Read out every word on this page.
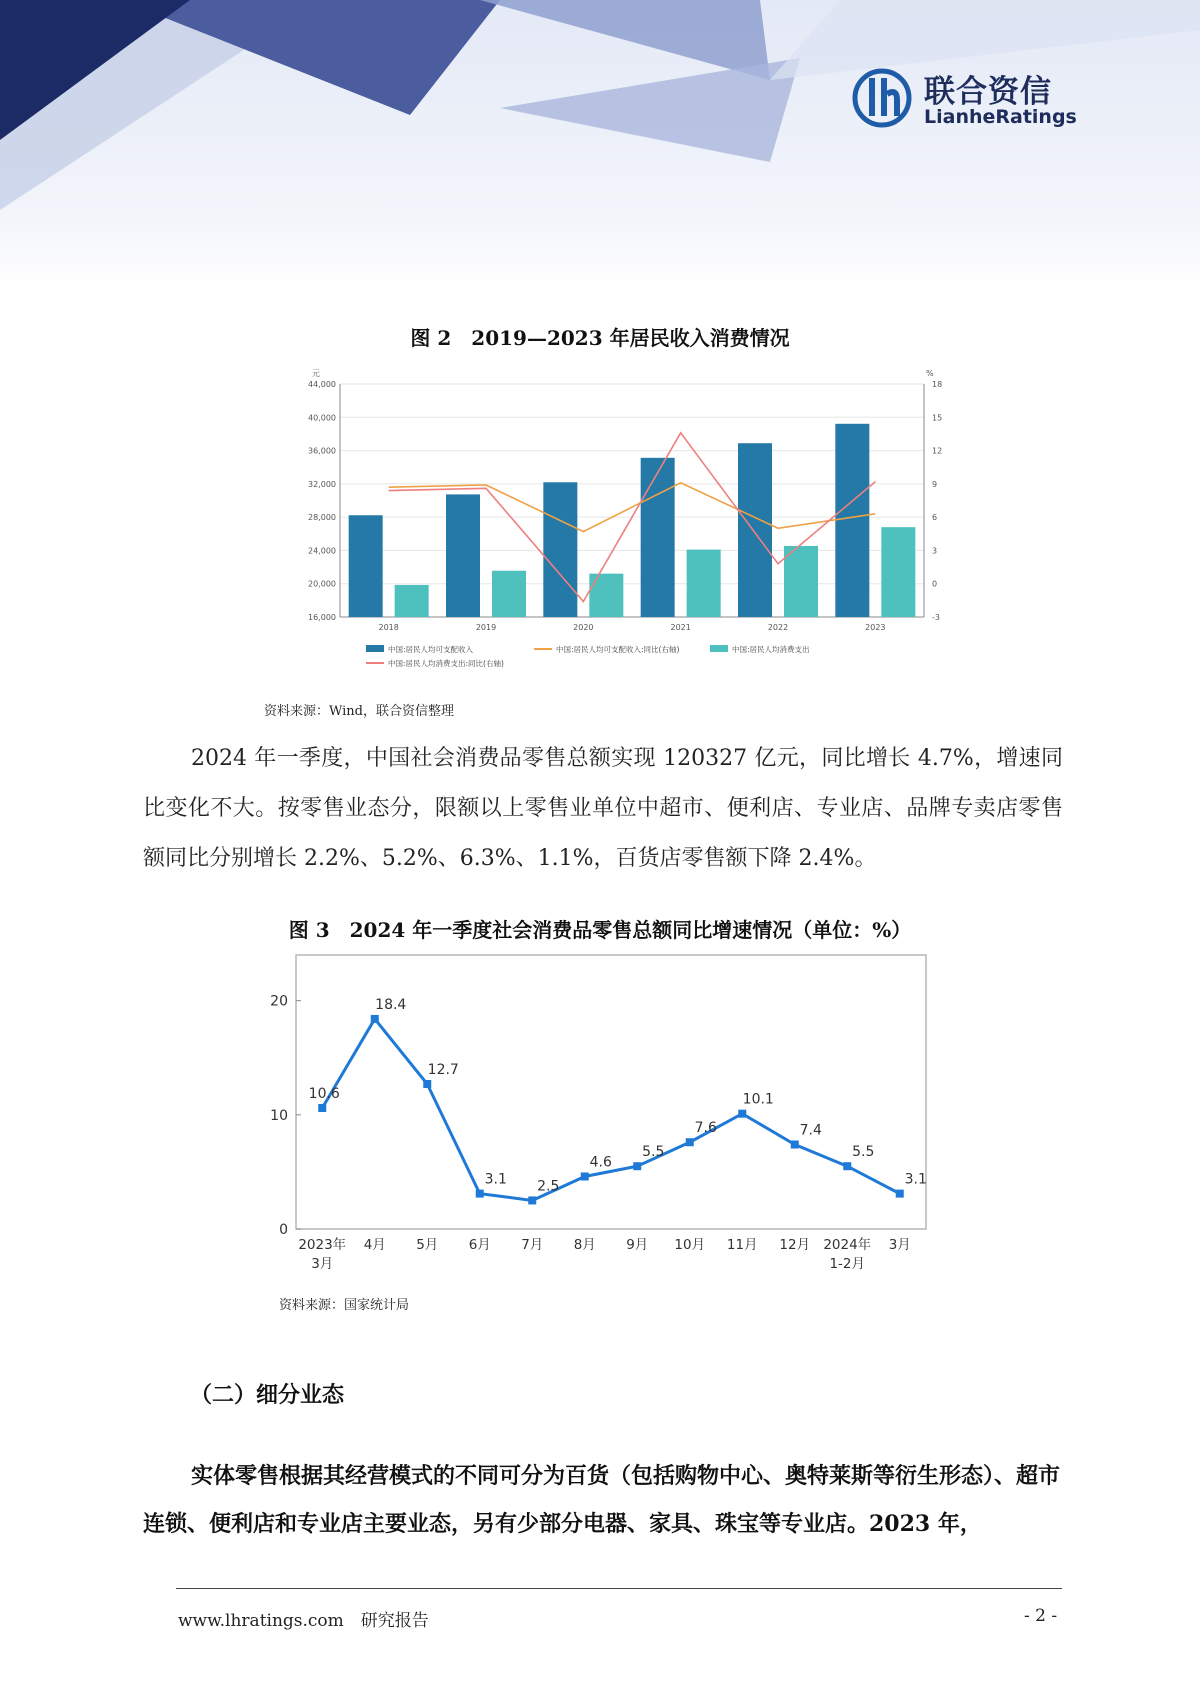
联合资信
LianheRatings
图 2　2019—2023 年居民收入消费情况
16,000
20,000
24,000
28,000
32,000
36,000
40,000
44,000
-3
0
3
6
9
12
15
18
元	%
2018	2019	2020	2021	2022	2023
中国:居民人均可支配收入	中国:居民人均可支配收入:同比(右轴)	中国:居民人均消费支出
中国:居民人均消费支出:同比(右轴)
资料来源：Wind，联合资信整理

2024 年一季度，中国社会消费品零售总额实现 120327 亿元，同比增长 4.7%，增速同比变化不大。按零售业态分，限额以上零售业单位中超市、便利店、专业店、品牌专卖店零售额同比分别增长 2.2%、5.2%、6.3%、1.1%，百货店零售额下降 2.4%。

图 3　2024 年一季度社会消费品零售总额同比增速情况（单位：%）
0
10
20
10.6
18.4
12.7
3.1 2.5
4.6
5.5
7.6
10.1
7.4
5.5
3.1
2023年
3月
4月 5月 6月 7月 8月 9月 10月 11月 12月 2024年
1-2月
3月
资料来源：国家统计局
（二）细分业态

实体零售根据其经营模式的不同可分为百货（包括购物中心、奥特莱斯等衍生形态）、超市连锁、便利店和专业店主要业态，另有少部分电器、家具、珠宝等专业店。2023 年，

www.lhratings.com　研究报告	- 2 -
